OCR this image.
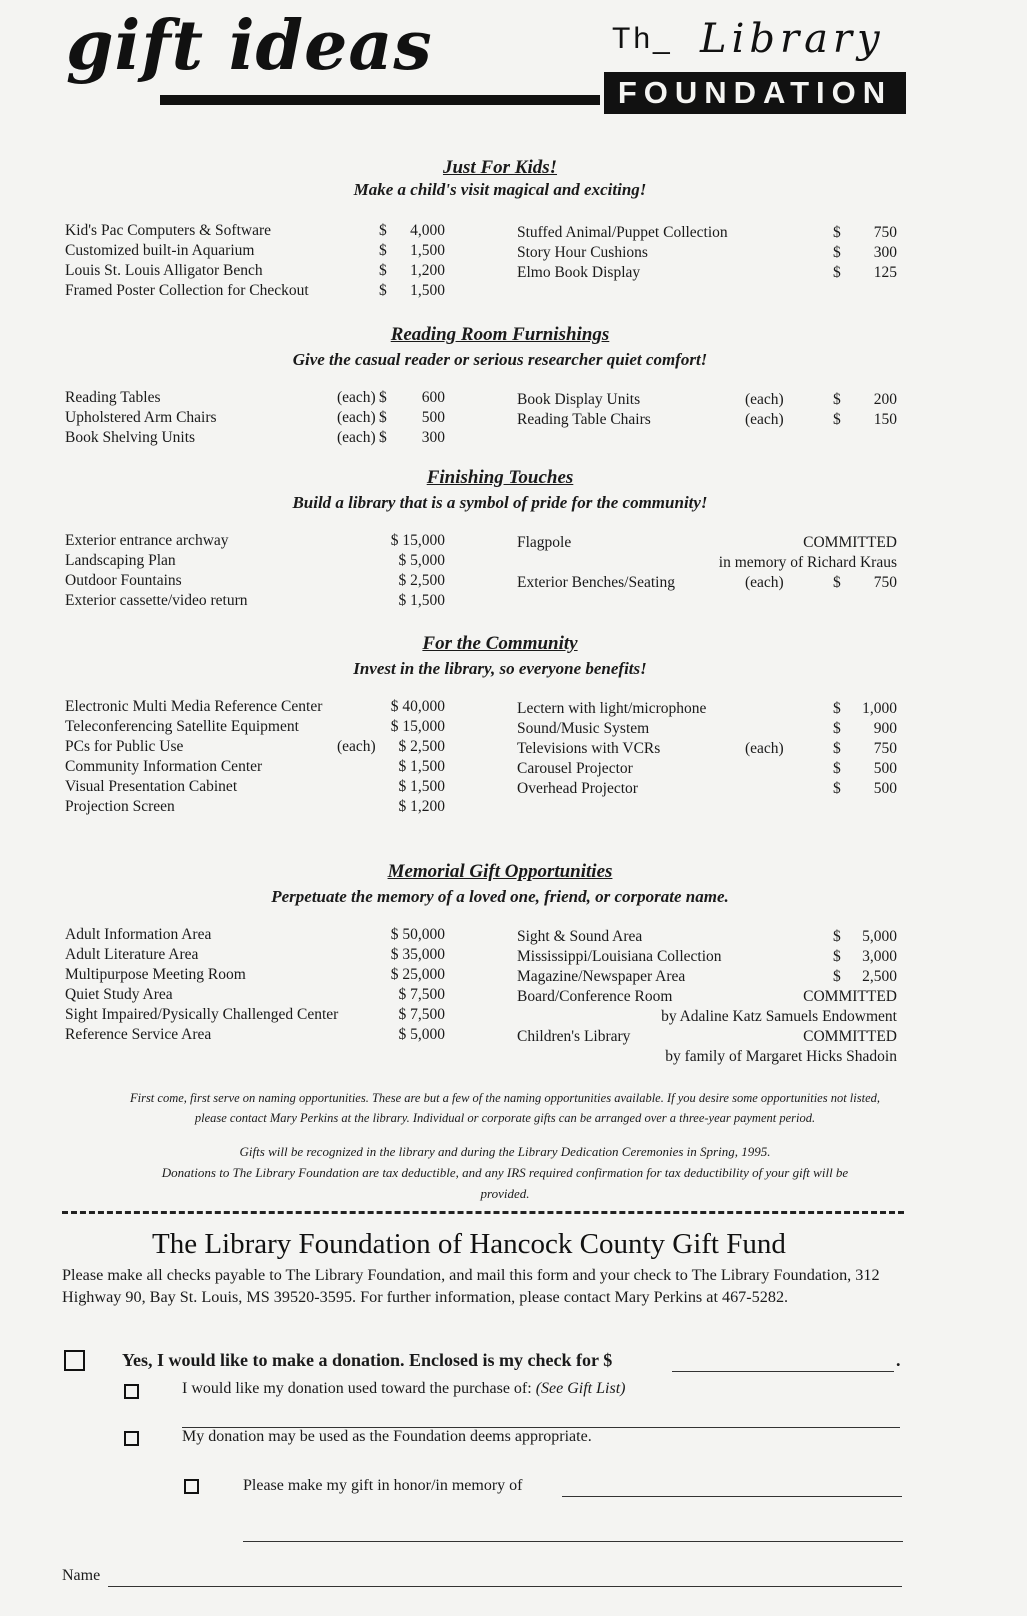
gift ideas	Th_ Library
FOUNDATION
Just For Kids!
Make a child's visit magical and exciting!
Kid's Pac Computers & Software	$	4,000
Customized built-in Aquarium	$	1,500
Louis St. Louis Alligator Bench	$	1,200
Framed Poster Collection for Checkout	$	1,500
Stuffed Animal/Puppet Collection	$	750
Story Hour Cushions	$	300
Elmo Book Display	$	125
Reading Room Furnishings
Give the casual reader or serious researcher quiet comfort!
Reading Tables	(each) $	600
Upholstered Arm Chairs	(each) $	500
Book Shelving Units	(each) $	300
Book Display Units	(each)	$	200
Reading Table Chairs	(each)	$	150
Finishing Touches
Build a library that is a symbol of pride for the community!
Exterior entrance archway	$ 15,000
Landscaping Plan	$ 5,000
Outdoor Fountains	$ 2,500
Exterior cassette/video return	$ 1,500
Flagpole	COMMITTED
in memory of Richard Kraus
Exterior Benches/Seating	(each)	$	750
For the Community
Invest in the library, so everyone benefits!
Electronic Multi Media Reference Center	$ 40,000
Teleconferencing Satellite Equipment	$ 15,000
PCs for Public Use	(each)	$ 2,500
Community Information Center	$ 1,500
Visual Presentation Cabinet	$ 1,500
Projection Screen	$ 1,200
Lectern with light/microphone	$	1,000
Sound/Music System	$	900
Televisions with VCRs	(each)	$	750
Carousel Projector	$	500
Overhead Projector	$	500
Memorial Gift Opportunities
Perpetuate the memory of a loved one, friend, or corporate name.
Adult Information Area	$ 50,000
Adult Literature Area	$ 35,000
Multipurpose Meeting Room	$ 25,000
Quiet Study Area	$ 7,500
Sight Impaired/Pysically Challenged Center	$ 7,500
Reference Service Area	$ 5,000
Sight & Sound Area	$	5,000
Mississippi/Louisiana Collection	$	3,000
Magazine/Newspaper Area	$	2,500
Board/Conference Room	COMMITTED
by Adaline Katz Samuels Endowment
Children's Library	COMMITTED
by family of Margaret Hicks Shadoin
First come, first serve on naming opportunities. These are but a few of the naming opportunities available. If you desire some opportunities not listed,
please contact Mary Perkins at the library. Individual or corporate gifts can be arranged over a three-year payment period.
Gifts will be recognized in the library and during the Library Dedication Ceremonies in Spring, 1995.
Donations to The Library Foundation are tax deductible, and any IRS required confirmation for tax deductibility of your gift will be
provided.
The Library Foundation of Hancock County Gift Fund
Please make all checks payable to The Library Foundation, and mail this form and your check to The Library Foundation, 312 Highway 90, Bay St. Louis, MS 39520-3595. For further information, please contact Mary Perkins at 467-5282.
Yes, I would like to make a donation. Enclosed is my check for $	.
I would like my donation used toward the purchase of: (See Gift List)
My donation may be used as the Foundation deems appropriate.
Please make my gift in honor/in memory of
Name
